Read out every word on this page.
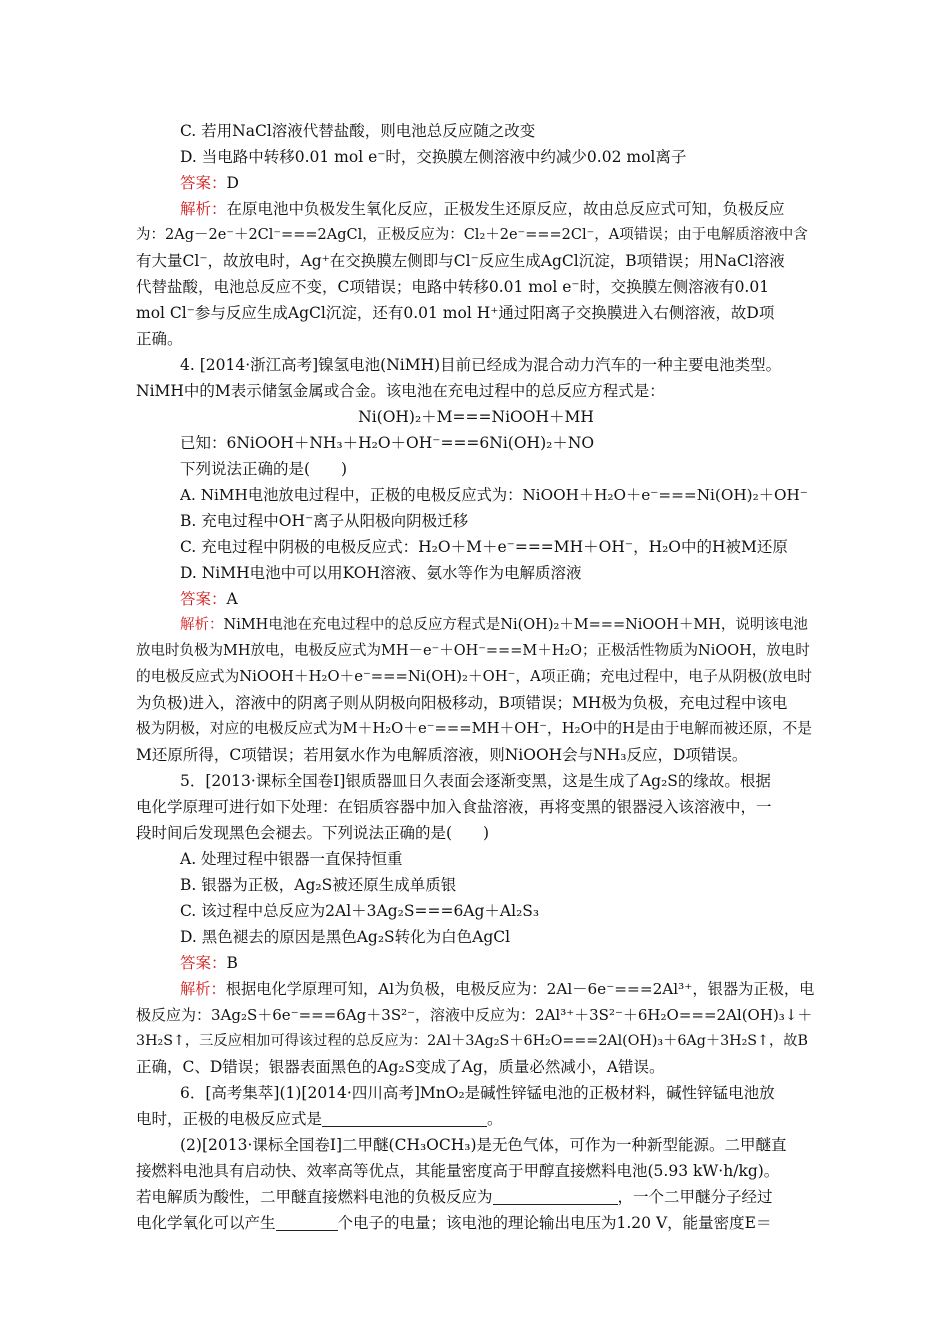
C. 若用NaCl溶液代替盐酸，则电池总反应随之改变
D. 当电路中转移0.01 mol e⁻时，交换膜左侧溶液中约减少0.02 mol离子
答案：D
解析：在原电池中负极发生氧化反应，正极发生还原反应，故由总反应式可知，负极反应
为：2Ag－2e⁻＋2Cl⁻===2AgCl，正极反应为：Cl₂＋2e⁻===2Cl⁻，A项错误；由于电解质溶液中含
有大量Cl⁻，故放电时，Ag⁺在交换膜左侧即与Cl⁻反应生成AgCl沉淀，B项错误；用NaCl溶液
代替盐酸，电池总反应不变，C项错误；电路中转移0.01 mol e⁻时，交换膜左侧溶液有0.01
mol Cl⁻参与反应生成AgCl沉淀，还有0.01 mol H⁺通过阳离子交换膜进入右侧溶液，故D项
正确。
4. [2014·浙江高考]镍氢电池(NiMH)目前已经成为混合动力汽车的一种主要电池类型。
NiMH中的M表示储氢金属或合金。该电池在充电过程中的总反应方程式是：
Ni(OH)₂＋M===NiOOH＋MH
已知：6NiOOH＋NH₃＋H₂O＋OH⁻===6Ni(OH)₂＋NO
下列说法正确的是(　　)
A. NiMH电池放电过程中，正极的电极反应式为：NiOOH＋H₂O＋e⁻===Ni(OH)₂＋OH⁻
B. 充电过程中OH⁻离子从阳极向阴极迁移
C. 充电过程中阴极的电极反应式：H₂O＋M＋e⁻===MH＋OH⁻，H₂O中的H被M还原
D. NiMH电池中可以用KOH溶液、氨水等作为电解质溶液
答案：A
解析：NiMH电池在充电过程中的总反应方程式是Ni(OH)₂＋M===NiOOH＋MH，说明该电池
放电时负极为MH放电，电极反应式为MH－e⁻＋OH⁻===M＋H₂O；正极活性物质为NiOOH，放电时
的电极反应式为NiOOH＋H₂O＋e⁻===Ni(OH)₂＋OH⁻，A项正确；充电过程中，电子从阴极(放电时
为负极)进入，溶液中的阴离子则从阴极向阳极移动，B项错误；MH极为负极，充电过程中该电
极为阴极，对应的电极反应式为M＋H₂O＋e⁻===MH＋OH⁻，H₂O中的H是由于电解而被还原，不是
M还原所得，C项错误；若用氨水作为电解质溶液，则NiOOH会与NH₃反应，D项错误。
5．[2013·课标全国卷Ⅰ]银质器皿日久表面会逐渐变黑，这是生成了Ag₂S的缘故。根据
电化学原理可进行如下处理：在铝质容器中加入食盐溶液，再将变黑的银器浸入该溶液中，一
段时间后发现黑色会褪去。下列说法正确的是(　　)
A. 处理过程中银器一直保持恒重
B. 银器为正极，Ag₂S被还原生成单质银
C. 该过程中总反应为2Al＋3Ag₂S===6Ag＋Al₂S₃
D. 黑色褪去的原因是黑色Ag₂S转化为白色AgCl
答案：B
解析：根据电化学原理可知，Al为负极，电极反应为：2Al－6e⁻===2Al³⁺，银器为正极，电
极反应为：3Ag₂S＋6e⁻===6Ag＋3S²⁻，溶液中反应为：2Al³⁺＋3S²⁻＋6H₂O===2Al(OH)₃↓＋
3H₂S↑，三反应相加可得该过程的总反应为：2Al＋3Ag₂S＋6H₂O===2Al(OH)₃＋6Ag＋3H₂S↑，故B
正确，C、D错误；银器表面黑色的Ag₂S变成了Ag，质量必然减小，A错误。
6．[高考集萃](1)[2014·四川高考]MnO₂是碱性锌锰电池的正极材料，碱性锌锰电池放
电时，正极的电极反应式是	。
(2)[2013·课标全国卷Ⅰ]二甲醚(CH₃OCH₃)是无色气体，可作为一种新型能源。二甲醚直
接燃料电池具有启动快、效率高等优点，其能量密度高于甲醇直接燃料电池(5.93 kW·h/kg)。
若电解质为酸性，二甲醚直接燃料电池的负极反应为	，一个二甲醚分子经过
电化学氧化可以产生	个电子的电量；该电池的理论输出电压为1.20 V，能量密度E＝
